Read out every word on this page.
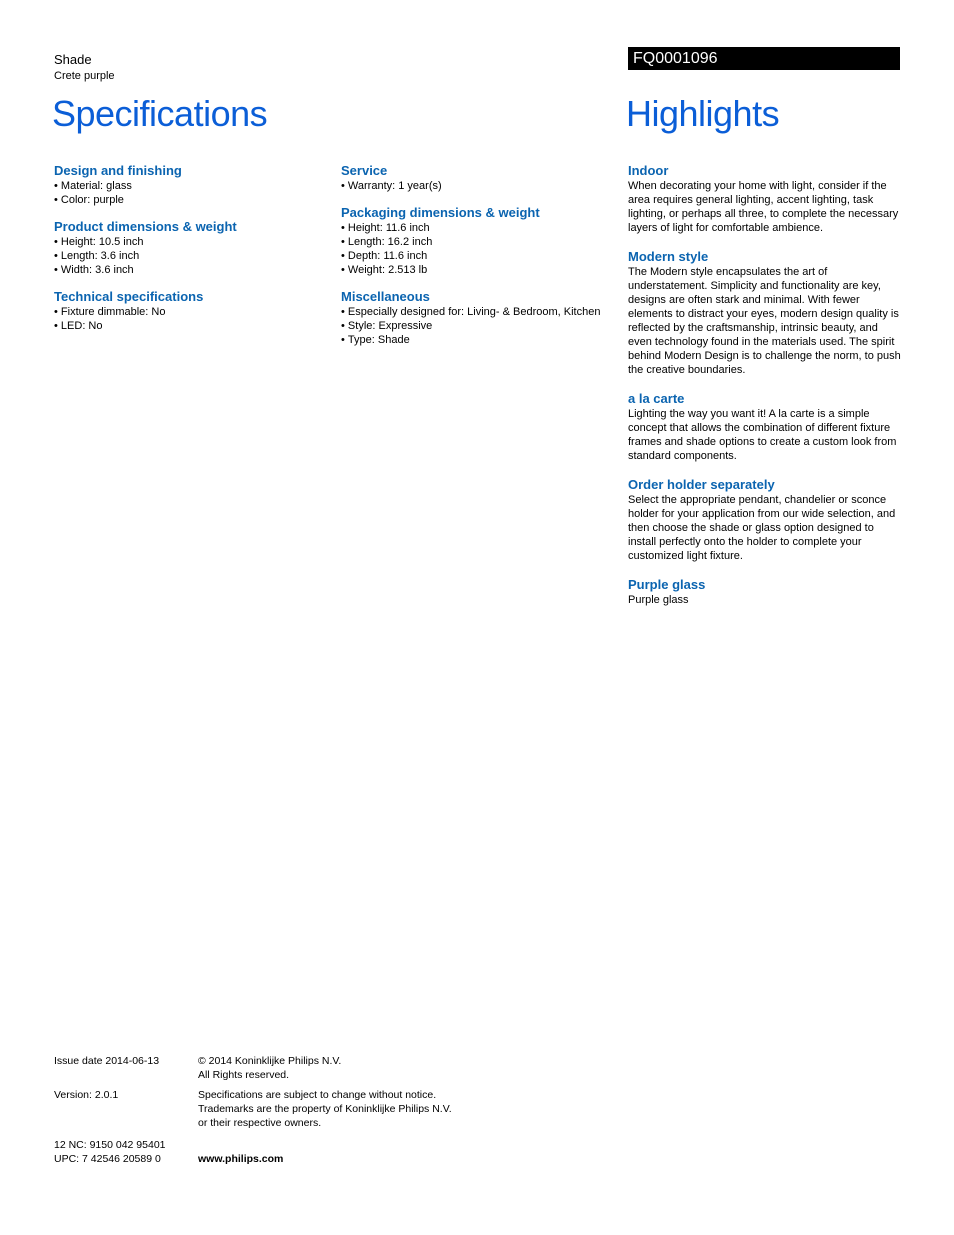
Shade
Crete purple
FQ0001096
Specifications	Highlights
Design and finishing
• Material: glass
• Color: purple
Product dimensions & weight
• Height: 10.5 inch
• Length: 3.6 inch
• Width: 3.6 inch
Technical specifications
• Fixture dimmable: No
• LED: No
Service
• Warranty: 1 year(s)
Packaging dimensions & weight
• Height: 11.6 inch
• Length: 16.2 inch
• Depth: 11.6 inch
• Weight: 2.513 lb
Miscellaneous
• Especially designed for: Living- & Bedroom, Kitchen
• Style: Expressive
• Type: Shade
Indoor

When decorating your home with light, consider if the area requires general lighting, accent lighting, task lighting, or perhaps all three, to complete the necessary layers of light for comfortable ambience.

Modern style

The Modern style encapsulates the art of understatement. Simplicity and functionality are key, designs are often stark and minimal. With fewer elements to distract your eyes, modern design quality is reflected by the craftsmanship, intrinsic beauty, and even technology found in the materials used. The spirit behind Modern Design is to challenge the norm, to push the creative boundaries.

a la carte

Lighting the way you want it! A la carte is a simple concept that allows the combination of different fixture frames and shade options to create a custom look from standard components.

Order holder separately

Select the appropriate pendant, chandelier or sconce holder for your application from our wide selection, and then choose the shade or glass option designed to install perfectly onto the holder to complete your customized light fixture.

Purple glass

Purple glass

Issue date 2014-06-13	© 2014 Koninklijke Philips N.V.
All Rights reserved.
Version: 2.0.1	Specifications are subject to change without notice.
Trademarks are the property of Koninklijke Philips N.V.
or their respective owners.
12 NC: 9150 042 95401
UPC: 7 42546 20589 0	www.philips.com
